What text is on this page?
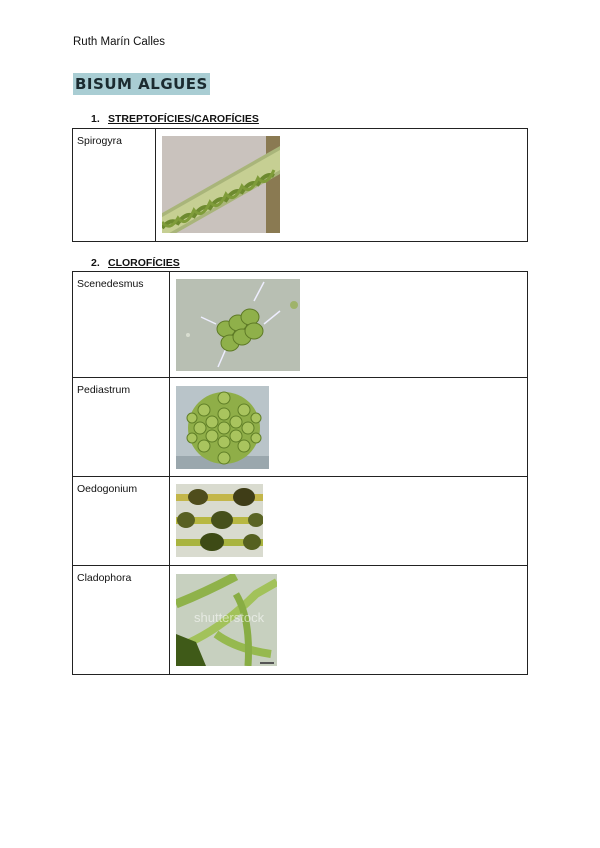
Ruth Marín Calles
BISUM ALGUES
1. STREPTOFÍCIES/CAROFÍCIES
Spirogyra	
2. CLOROFÍCIES
Scenedesmus	

Pediastrum	

Oedogonium	

Cladophora	shutterstock
